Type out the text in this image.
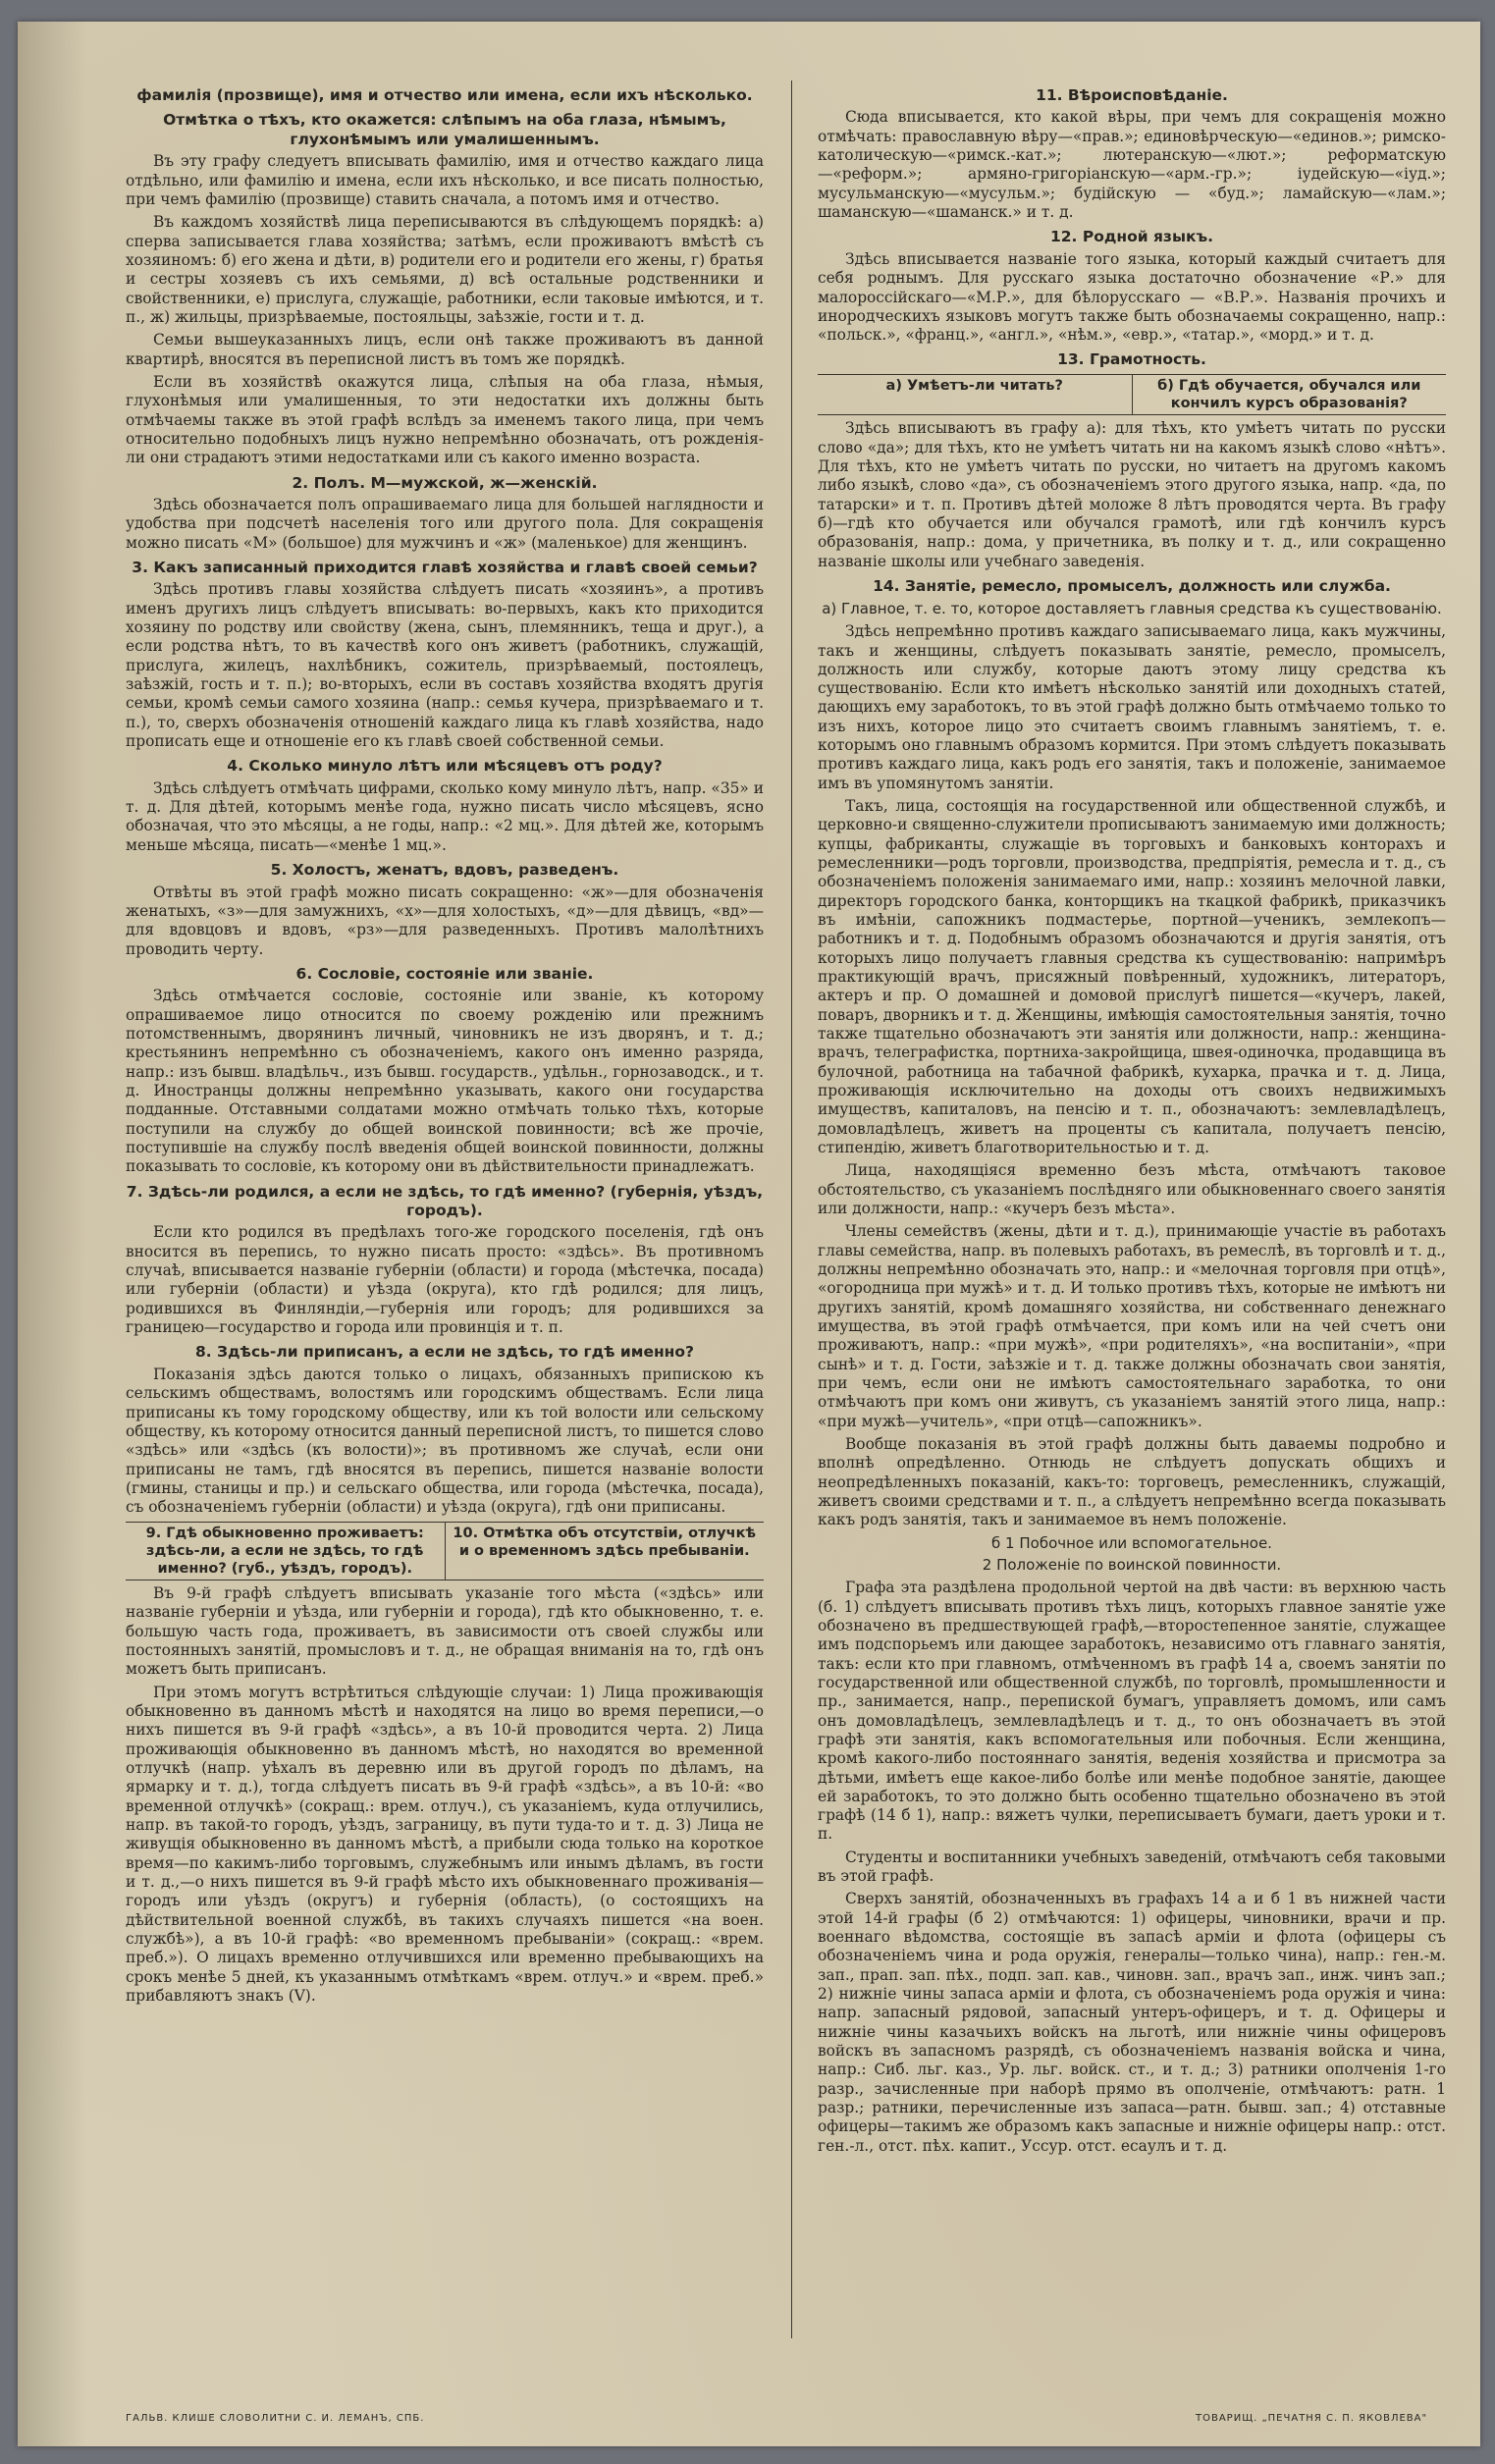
фамилія (прозвище), имя и отчество или имена, если ихъ нѣсколько.
Отмѣтка о тѣхъ, кто окажется: слѣпымъ на оба глаза, нѣмымъ, глухонѣмымъ или умалишеннымъ.

Въ эту графу следуетъ вписывать фамилію, имя и отчество каждаго лица отдѣльно, или фамилію и имена, если ихъ нѣсколько, и все писать полностью, при чемъ фамилію (прозвище) ставить сначала, а потомъ имя и отчество.

Въ каждомъ хозяйствѣ лица переписываются въ слѣдующемъ порядкѣ: а) сперва записывается глава хозяйства; затѣмъ, если проживаютъ вмѣстѣ съ хозяиномъ: б) его жена и дѣти, в) родители его и родители его жены, г) братья и сестры хозяевъ съ ихъ семьями, д) всѣ остальные родственники и свойственники, е) прислуга, служащіе, работники, если таковые имѣются, и т. п., ж) жильцы, призрѣваемые, постояльцы, заѣзжіе, гости и т. д.

Семьи вышеуказанныхъ лицъ, если онѣ также проживаютъ въ данной квартирѣ, вносятся въ переписной листъ въ томъ же порядкѣ.

Если въ хозяйствѣ окажутся лица, слѣпыя на оба глаза, нѣмыя, глухонѣмыя или умалишенныя, то эти недостатки ихъ должны быть отмѣчаемы также въ этой графѣ вслѣдъ за именемъ такого лица, при чемъ относительно подобныхъ лицъ нужно непремѣнно обозначать, отъ рожденія-ли они страдаютъ этими недостатками или съ какого именно возраста.

2. Полъ. М—мужской, ж—женскій.

Здѣсь обозначается полъ опрашиваемаго лица для большей наглядности и удобства при подсчетѣ населенія того или другого пола. Для сокращенія можно писать «М» (большое) для мужчинъ и «ж» (маленькое) для женщинъ.

3. Какъ записанный приходится главѣ хозяйства и главѣ своей семьи?

Здѣсь противъ главы хозяйства слѣдуетъ писать «хозяинъ», а противъ именъ другихъ лицъ слѣдуетъ вписывать: во-первыхъ, какъ кто приходится хозяину по родству или свойству (жена, сынъ, племянникъ, теща и друг.), а если родства нѣтъ, то въ качествѣ кого онъ живетъ (работникъ, служащій, прислуга, жилецъ, нахлѣбникъ, сожитель, призрѣваемый, постоялецъ, заѣзжій, гость и т. п.); во-вторыхъ, если въ составъ хозяйства входятъ другія семьи, кромѣ семьи самого хозяина (напр.: семья кучера, призрѣваемаго и т. п.), то, сверхъ обозначенія отношеній каждаго лица къ главѣ хозяйства, надо прописать еще и отношеніе его къ главѣ своей собственной семьи.

4. Сколько минуло лѣтъ или мѣсяцевъ отъ роду?

Здѣсь слѣдуетъ отмѣчать цифрами, сколько кому минуло лѣтъ, напр. «35» и т. д. Для дѣтей, которымъ менѣе года, нужно писать число мѣсяцевъ, ясно обозначая, что это мѣсяцы, а не годы, напр.: «2 мц.». Для дѣтей же, которымъ меньше мѣсяца, писать—«менѣе 1 мц.».

5. Холостъ, женатъ, вдовъ, разведенъ.

Отвѣты въ этой графѣ можно писать сокращенно: «ж»—для обозначенія женатыхъ, «з»—для замужнихъ, «х»—для холостыхъ, «д»—для дѣвицъ, «вд»—для вдовцовъ и вдовъ, «рз»—для разведенныхъ. Противъ малолѣтнихъ проводить черту.

6. Сословіе, состояніе или званіе.

Здѣсь отмѣчается сословіе, состояніе или званіе, къ которому опрашиваемое лицо относится по своему рожденію или прежнимъ потомственнымъ, дворянинъ личный, чиновникъ не изъ дворянъ, и т. д.; крестьянинъ непремѣнно съ обозначеніемъ, какого онъ именно разряда, напр.: изъ бывш. владѣльч., изъ бывш. государств., удѣльн., горнозаводск., и т. д. Иностранцы должны непремѣнно указывать, какого они государства подданные. Отставными солдатами можно отмѣчать только тѣхъ, которые поступили на службу до общей воинской повинности; всѣ же прочіе, поступившіе на службу послѣ введенія общей воинской повинности, должны показывать то сословіе, къ которому они въ дѣйствительности принадлежатъ.

7. Здѣсь-ли родился, а если не здѣсь, то гдѣ именно? (губернія, уѣздъ, городъ).

Если кто родился въ предѣлахъ того-же городского поселенія, гдѣ онъ вносится въ перепись, то нужно писать просто: «здѣсь». Въ противномъ случаѣ, вписывается названіе губерніи (области) и города (мѣстечка, посада) или губерніи (области) и уѣзда (округа), кто гдѣ родился; для лицъ, родившихся въ Финляндіи,—губернія или городъ; для родившихся за границею—государство и города или провинція и т. п.

8. Здѣсь-ли приписанъ, а если не здѣсь, то гдѣ именно?

Показанія здѣсь даются только о лицахъ, обязанныхъ припискою къ сельскимъ обществамъ, волостямъ или городскимъ обществамъ. Если лица приписаны къ тому городскому обществу, или къ той волости или сельскому обществу, къ которому относится данный переписной листъ, то пишется слово «здѣсь» или «здѣсь (къ волости)»; въ противномъ же случаѣ, если они приписаны не тамъ, гдѣ вносятся въ перепись, пишется названіе волости (гмины, станицы и пр.) и сельскаго общества, или города (мѣстечка, посада), съ обозначеніемъ губерніи (области) и уѣзда (округа), гдѣ они приписаны.

9. Гдѣ обыкновенно проживаетъ: здѣсь-ли, а если не здѣсь, то гдѣ именно? (губ., уѣздъ, городъ).
10. Отмѣтка объ отсутствіи, отлучкѣ и о временномъ здѣсь пребываніи.

Въ 9-й графѣ слѣдуетъ вписывать указаніе того мѣста («здѣсь» или названіе губерніи и уѣзда, или губерніи и города), гдѣ кто обыкновенно, т. е. большую часть года, проживаетъ, въ зависимости отъ своей службы или постоянныхъ занятій, промысловъ и т. д., не обращая вниманія на то, гдѣ онъ можетъ быть приписанъ.

При этомъ могутъ встрѣтиться слѣдующіе случаи: 1) Лица проживающія обыкновенно въ данномъ мѣстѣ и находятся на лицо во время переписи,—о нихъ пишется въ 9-й графѣ «здѣсь», а въ 10-й проводится черта. 2) Лица проживающія обыкновенно въ данномъ мѣстѣ, но находятся во временной отлучкѣ (напр. уѣхалъ въ деревню или въ другой городъ по дѣламъ, на ярмарку и т. д.), тогда слѣдуетъ писать въ 9-й графѣ «здѣсь», а въ 10-й: «во временной отлучкѣ» (сокращ.: врем. отлуч.), съ указаніемъ, куда отлучились, напр. въ такой-то городъ, уѣздъ, заграницу, въ пути туда-то и т. д. 3) Лица не живущія обыкновенно въ данномъ мѣстѣ, а прибыли сюда только на короткое время—по какимъ-либо торговымъ, служебнымъ или инымъ дѣламъ, въ гости и т. д.,—о нихъ пишется въ 9-й графѣ мѣсто ихъ обыкновеннаго проживанія—городъ или уѣздъ (округъ) и губернія (область), (о состоящихъ на дѣйствительной военной службѣ, въ такихъ случаяхъ пишется «на воен. службѣ»), а въ 10-й графѣ: «во временномъ пребываніи» (сокращ.: «врем. преб.»). О лицахъ временно отлучившихся или временно пребывающихъ на срокъ менѣе 5 дней, къ указаннымъ отмѣткамъ «врем. отлуч.» и «врем. преб.» прибавляютъ знакъ (V).

11. Вѣроисповѣданіе.

Сюда вписывается, кто какой вѣры, при чемъ для сокращенія можно отмѣчать: православную вѣру—«прав.»; единовѣрческую—«единов.»; римско-католическую—«римск.-кат.»; лютеранскую—«лют.»; реформатскую—«реформ.»; армяно-григоріанскую—«арм.-гр.»; іудейскую—«іуд.»; мусульманскую—«мусульм.»; будійскую — «буд.»; ламайскую—«лам.»; шаманскую—«шаманск.» и т. д.

12. Родной языкъ.

Здѣсь вписывается названіе того языка, который каждый считаетъ для себя роднымъ. Для русскаго языка достаточно обозначение «Р.» для малороссійскаго—«М.Р.», для бѣлорусскаго — «В.Р.». Названія прочихъ и инородческихъ языковъ могутъ также быть обозначаемы сокращенно, напр.: «польск.», «франц.», «англ.», «нѣм.», «евр.», «татар.», «морд.» и т. д.

13. Грамотность.
а) Умѣетъ-ли читать?	б) Гдѣ обучается, обучался или кончилъ курсъ образованія?

Здѣсь вписываютъ въ графу а): для тѣхъ, кто умѣетъ читать по русски слово «да»; для тѣхъ, кто не умѣетъ читать ни на какомъ языкѣ слово «нѣтъ». Для тѣхъ, кто не умѣетъ читать по русски, но читаетъ на другомъ какомъ либо языкѣ, слово «да», съ обозначеніемъ этого другого языка, напр. «да, по татарски» и т. п. Противъ дѣтей моложе 8 лѣтъ проводятся черта. Въ графу б)—гдѣ кто обучается или обучался грамотѣ, или гдѣ кончилъ курсъ образованія, напр.: дома, у причетника, въ полку и т. д., или сокращенно названіе школы или учебнаго заведенія.

14. Занятіе, ремесло, промыселъ, должность или служба.
а) Главное, т. е. то, которое доставляетъ главныя средства къ существованію.

Здѣсь непремѣнно противъ каждаго записываемаго лица, какъ мужчины, такъ и женщины, слѣдуетъ показывать занятіе, ремесло, промыселъ, должность или службу, которые даютъ этому лицу средства къ существованію. Если кто имѣетъ нѣсколько занятій или доходныхъ статей, дающихъ ему заработокъ, то въ этой графѣ должно быть отмѣчаемо только то изъ нихъ, которое лицо это считаетъ своимъ главнымъ занятіемъ, т. е. которымъ оно главнымъ образомъ кормится. При этомъ слѣдуетъ показывать противъ каждаго лица, какъ родъ его занятія, такъ и положеніе, занимаемое имъ въ упомянутомъ занятіи.

Такъ, лица, состоящія на государственной или общественной службѣ, и церковно-и священно-служители прописываютъ занимаемую ими должность; купцы, фабриканты, служащіе въ торговыхъ и банковыхъ конторахъ и ремесленники—родъ торговли, производства, предпріятія, ремесла и т. д., съ обозначеніемъ положенія занимаемаго ими, напр.: хозяинъ мелочной лавки, директоръ городского банка, конторщикъ на ткацкой фабрикѣ, приказчикъ въ имѣніи, сапожникъ подмастерье, портной—ученикъ, землекопъ—работникъ и т. д. Подобнымъ образомъ обозначаются и другія занятія, отъ которыхъ лицо получаетъ главныя средства къ существованію: напримѣръ практикующій врачъ, присяжный повѣренный, художникъ, литераторъ, актеръ и пр. О домашней и домовой прислугѣ пишется—«кучеръ, лакей, поваръ, дворникъ и т. д. Женщины, имѣющія самостоятельныя занятія, точно также тщательно обозначаютъ эти занятія или должности, напр.: женщина-врачъ, телеграфистка, портниха-закройщица, швея-одиночка, продавщица въ булочной, работница на табачной фабрикѣ, кухарка, прачка и т. д. Лица, проживающія исключительно на доходы отъ своихъ недвижимыхъ имуществъ, капиталовъ, на пенсію и т. п., обозначаютъ: землевладѣлецъ, домовладѣлецъ, живетъ на проценты съ капитала, получаетъ пенсію, стипендію, живетъ благотворительностью и т. д.

Лица, находящіяся временно безъ мѣста, отмѣчаютъ таковое обстоятельство, съ указаніемъ послѣдняго или обыкновеннаго своего занятія или должности, напр.: «кучеръ безъ мѣста».

Члены семействъ (жены, дѣти и т. д.), принимающіе участіе въ работахъ главы семейства, напр. въ полевыхъ работахъ, въ ремеслѣ, въ торговлѣ и т. д., должны непремѣнно обозначать это, напр.: и «мелочная торговля при отцѣ», «огородница при мужѣ» и т. д. И только противъ тѣхъ, которые не имѣютъ ни другихъ занятій, кромѣ домашняго хозяйства, ни собственнаго денежнаго имущества, въ этой графѣ отмѣчается, при комъ или на чей счетъ они проживаютъ, напр.: «при мужѣ», «при родителяхъ», «на воспитаніи», «при сынѣ» и т. д. Гости, заѣзжіе и т. д. также должны обозначать свои занятія, при чемъ, если они не имѣютъ самостоятельнаго заработка, то они отмѣчаютъ при комъ они живутъ, съ указаніемъ занятій этого лица, напр.: «при мужѣ—учитель», «при отцѣ—сапожникъ».

Вообще показанія въ этой графѣ должны быть даваемы подробно и вполнѣ опредѣленно. Отнюдь не слѣдуетъ допускать общихъ и неопредѣленныхъ показаній, какъ-то: торговецъ, ремесленникъ, служащій, живетъ своими средствами и т. п., а слѣдуетъ непремѣнно всегда показывать какъ родъ занятія, такъ и занимаемое въ немъ положеніе.

б 1 Побочное или вспомогательное.
2 Положеніе по воинской повинности.

Графа эта раздѣлена продольной чертой на двѣ части: въ верхнюю часть (б. 1) слѣдуетъ вписывать противъ тѣхъ лицъ, которыхъ главное занятіе уже обозначено въ предшествующей графѣ,—второстепенное занятіе, служащее имъ подспорьемъ или дающее заработокъ, независимо отъ главнаго занятія, такъ: если кто при главномъ, отмѣченномъ въ графѣ 14 а, своемъ занятіи по государственной или общественной службѣ, по торговлѣ, промышленности и пр., занимается, напр., перепиской бумагъ, управляетъ домомъ, или самъ онъ домовладѣлецъ, землевладѣлецъ и т. д., то онъ обозначаетъ въ этой графѣ эти занятія, какъ вспомогательныя или побочныя. Если женщина, кромѣ какого-либо постояннаго занятія, веденія хозяйства и присмотра за дѣтьми, имѣетъ еще какое-либо болѣе или менѣе подобное занятіе, дающее ей заработокъ, то это должно быть особенно тщательно обозначено въ этой графѣ (14 б 1), напр.: вяжетъ чулки, переписываетъ бумаги, даетъ уроки и т. п.

Студенты и воспитанники учебныхъ заведеній, отмѣчаютъ себя таковыми въ этой графѣ.

Сверхъ занятій, обозначенныхъ въ графахъ 14 а и б 1 въ нижней части этой 14-й графы (б 2) отмѣчаются: 1) офицеры, чиновники, врачи и пр. военнаго вѣдомства, состоящіе въ запасѣ арміи и флота (офицеры съ обозначеніемъ чина и рода оружія, генералы—только чина), напр.: ген.-м. зап., прап. зап. пѣх., подп. зап. кав., чиновн. зап., врачъ зап., инж. чинъ зап.; 2) нижніе чины запаса арміи и флота, съ обозначеніемъ рода оружія и чина: напр. запасный рядовой, запасный унтеръ-офицеръ, и т. д. Офицеры и нижніе чины казачьихъ войскъ на льготѣ, или нижніе чины офицеровъ войскъ въ запасномъ разрядѣ, съ обозначеніемъ названія войска и чина, напр.: Сиб. льг. каз., Ур. льг. войск. ст., и т. д.; 3) ратники ополченія 1-го разр., зачисленные при наборѣ прямо въ ополченіе, отмѣчаютъ: ратн. 1 разр.; ратники, перечисленные изъ запаса—ратн. бывш. зап.; 4) отставные офицеры—такимъ же образомъ какъ запасные и нижніе офицеры напр.: отст. ген.-л., отст. пѣх. капит., Уссур. отст. есаулъ и т. д.

ГАЛЬВ. КЛИШЕ СЛОВОЛИТНИ С. И. ЛЕМАНЪ, СПБ.	ТОВАРИЩ. „ПЕЧАТНЯ С. П. ЯКОВЛЕВА"
